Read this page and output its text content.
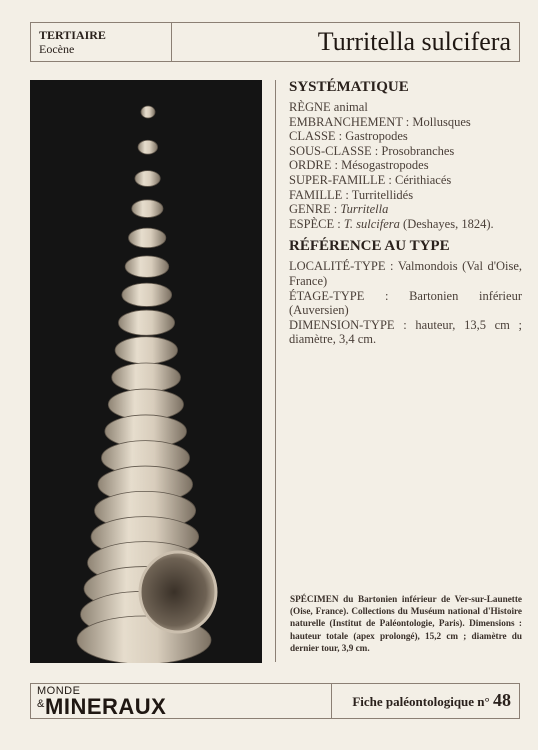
TERTIAIRE
Eocène	Turritella sulcifera
SYSTÉMATIQUE

RÈGNE animal

EMBRANCHEMENT : Mollusques

CLASSE : Gastropodes

SOUS-CLASSE : Prosobranches

ORDRE : Mésogastropodes

SUPER-FAMILLE : Cérithiacés

FAMILLE : Turritellidés

GENRE : Turritella

ESPÈCE : T. sulcifera (Deshayes, 1824).

RÉFÉRENCE AU TYPE

LOCALITÉ-TYPE : Valmondois (Val d'Oise, France)

ÉTAGE-TYPE : Bartonien inférieur (Auversien)

DIMENSION-TYPE : hauteur, 13,5 cm ; diamètre, 3,4 cm.

SPÉCIMEN du Bartonien inférieur de Ver-sur-Launette (Oise, France). Collections du Muséum national d'Histoire naturelle (Institut de Paléontologie, Paris). Dimensions : hauteur totale (apex prolongé), 15,2 cm ; diamètre du dernier tour, 3,9 cm.
MONDE
& MINERAUX	Fiche paléontologique n° 48
